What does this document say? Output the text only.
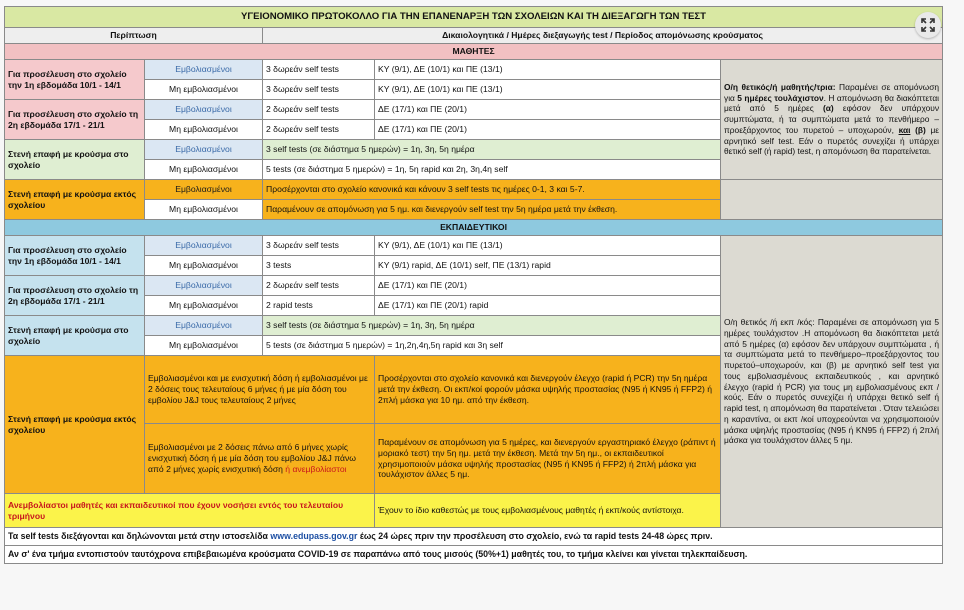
ΥΓΕΙΟΝΟΜΙΚΟ ΠΡΩΤΟΚΟΛΛΟ ΓΙΑ ΤΗΝ ΕΠΑΝΕΝΑΡΞΗ ΤΩΝ ΣΧΟΛΕΙΩΝ ΚΑΙ ΤΗ ΔΙΕΞΑΓΩΓΗ ΤΩΝ ΤΕΣΤ				
Περίπτωση		Δικαιολογητικά / Ημέρες διεξαγωγής test / Περίοδος απομόνωσης κρούσματος		
ΜΑΘΗΤΕΣ				
Για προσέλευση στο σχολείο την 1η εβδομάδα 10/1 - 14/1	Εμβολιασμένοι	3 δωρεάν self tests	ΚΥ (9/1), ΔΕ (10/1) και ΠΕ (13/1)	Ο/η θετικός/ή μαθητής/τρια: Παραμένει σε απομόνωση για 5 ημέρες τουλάχιστον. Η απομόνωση θα διακόπτεται μετά από 5 ημέρες (α) εφόσον δεν υπάρχουν συμπτώματα, ή τα συμπτώματα μετά το πενθήμερο – προεξάρχοντος του πυρετού – υποχωρούν, και (β) με αρνητικό self test. Εάν ο πυρετός συνεχίζει ή υπάρχει θετικό self (ή rapid) test, η απομόνωση θα παρατείνεται.
	Μη εμβολιασμένοι	3 δωρεάν self tests	ΚΥ (9/1), ΔΕ (10/1) και ΠΕ (13/1)	
Για προσέλευση στο σχολείο τη 2η εβδομάδα 17/1 - 21/1	Εμβολιασμένοι	2 δωρεάν self tests	ΔΕ (17/1) και ΠΕ (20/1)	
	Μη εμβολιασμένοι	2 δωρεάν self tests	ΔΕ (17/1) και ΠΕ (20/1)	
Στενή επαφή με κρούσμα στο σχολείο	Εμβολιασμένοι	3 self tests (σε διάστημα 5 ημερών) = 1η, 3η, 5η ημέρα		
	Μη εμβολιασμένοι	5 tests (σε διάστημα 5 ημερών) = 1η, 5η rapid και 2η, 3η,4η self		
Στενή επαφή με κρούσμα εκτός σχολείου	Εμβολιασμένοι	Προσέρχονται στο σχολείο κανονικά και κάνουν 3 self tests τις ημέρες 0-1, 3 και 5-7.		
	Μη εμβολιασμένοι	Παραμένουν σε απομόνωση για 5 ημ. και διενεργούν self test την 5η ημέρα μετά την έκθεση.		
ΕΚΠΑΙΔΕΥΤΙΚΟΙ				
Για προσέλευση στο σχολείο την 1η εβδομάδα 10/1 - 14/1	Εμβολιασμένοι	3 δωρεάν self tests	ΚΥ (9/1), ΔΕ (10/1) και ΠΕ (13/1)	Ο/η θετικός /ή εκπ /κός: Παραμένει σε απομόνωση για 5 ημέρες τουλάχιστον .Η απομόνωση θα διακόπτεται μετά από 5 ημέρες (α) εφόσον δεν υπάρχουν συμπτώματα , ή τα συμπτώματα μετά το πενθήμερο–προεξάρχοντος του πυρετού–υποχωρούν, και (β) με αρνητικό self test για τους εμβολιασμένους εκπαιδευτικούς , και αρνητικό έλεγχο (rapid ή PCR) για τους μη εμβολιασμένους εκπ /κούς. Εάν ο πυρετός συνεχίζει ή υπάρχει θετικό self ή rapid test, η απομόνωση θα παρατείνεται . Όταν τελειώσει η καραντίνα, οι εκπ /κοί υποχρεούνται να χρησιμοποιούν μάσκα υψηλής προστασίας (N95 ή KN95 ή FFP2) ή 2πλή μάσκα για τουλάχιστον άλλες 5 ημ.
	Μη εμβολιασμένοι	3 tests	ΚΥ (9/1) rapid, ΔΕ (10/1) self, ΠΕ (13/1) rapid	
Για προσέλευση στο σχολείο τη 2η εβδομάδα 17/1 - 21/1	Εμβολιασμένοι	2 δωρεάν self tests	ΔΕ (17/1) και ΠΕ (20/1)	
	Μη εμβολιασμένοι	2 rapid tests	ΔΕ (17/1) και ΠΕ (20/1) rapid	
Στενή επαφή με κρούσμα στο σχολείο	Εμβολιασμένοι	3 self tests (σε διάστημα 5 ημερών) = 1η, 3η, 5η ημέρα		
	Μη εμβολιασμένοι	5 tests (σε διάστημα 5 ημερών) = 1η,2η,4η,5η rapid και 3η self		
Στενή επαφή με κρούσμα εκτός σχολείου	Εμβολιασμένοι και με ενισχυτική δόση ή εμβολιασμένοι με 2 δόσεις τους τελευταίους 6 μήνες ή με μία δόση του εμβολίου J&J τους τελευταίους 2 μήνες		Προσέρχονται στο σχολείο κανονικά και διενεργούν έλεγχο (rapid ή PCR) την 5η ημέρα μετά την έκθεση. Οι εκπ/κοί φορούν μάσκα υψηλής προστασίας (N95 ή KN95 ή FFP2) ή 2πλή μάσκα για 10 ημ. από την έκθεση.	
	Εμβολιασμένοι με 2 δόσεις πάνω από 6 μήνες χωρίς ενισχυτική δόση ή με μία δόση του εμβολίου J&J πάνω από 2 μήνες χωρίς ενισχυτική δόση ή ανεμβολίαστοι		Παραμένουν σε απομόνωση για 5 ημέρες, και διενεργούν εργαστηριακό έλεγχο (ράπιντ ή μοριακό τεστ) την 5η ημ. μετά την έκθεση. Μετά την 5η ημ., οι εκπαιδευτικοί χρησιμοποιούν μάσκα υψηλής προστασίας (N95 ή KN95 ή FFP2) ή 2πλή μάσκα για τουλάχιστον άλλες 5 ημ.	
Ανεμβολίαστοι μαθητές και εκπαιδευτικοί που έχουν νοσήσει εντός του τελευταίου τριμήνου			Έχουν το ίδιο καθεστώς με τους εμβολιασμένους μαθητές ή εκπ/κούς αντίστοιχα.	
Τα self tests διεξάγονται και δηλώνονται μετά στην ιστοσελίδα www.edupass.gov.gr έως 24 ώρες πριν την προσέλευση στο σχολείο, ενώ τα rapid tests 24-48 ώρες πριν.				
Αν σ' ένα τμήμα εντοπιστούν ταυτόχρονα επιβεβαιωμένα κρούσματα COVID-19 σε παραπάνω από τους μισούς (50%+1) μαθητές του, το τμήμα κλείνει και γίνεται τηλεκπαίδευση.				
